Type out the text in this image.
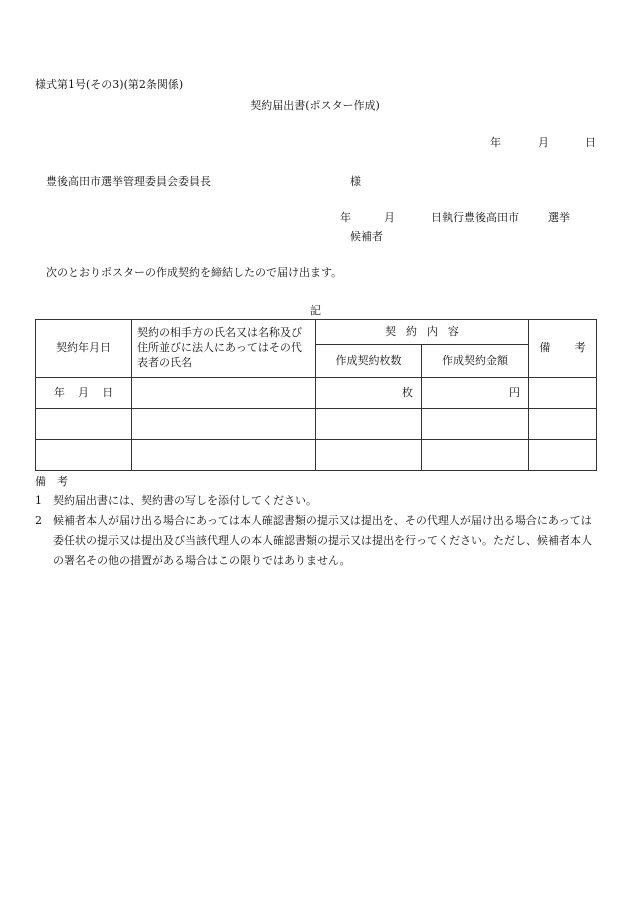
様式第1号(その3)(第2条関係)
契約届出書(ポスター作成)
年	月	日
豊後高田市選挙管理委員会委員長	様
年	月	日執行豊後高田市	選挙
候補者
次のとおりポスターの作成契約を締結したので届け出ます。
記
契約年月日	契約の相手方の氏名又は名称及び住所並びに法人にあってはその代表者の氏名	契約内容		備 考
		作成契約枚数	作成契約金額	
年 月 日		枚	円	

備　考
1	契約届出書には、契約書の写しを添付してください。
2	候補者本人が届け出る場合にあっては本人確認書類の提示又は提出を、その代理人が届け出る場合にあっては委任状の提示又は提出及び当該代理人の本人確認書類の提示又は提出を行ってください。ただし、候補者本人の署名その他の措置がある場合はこの限りではありません。
